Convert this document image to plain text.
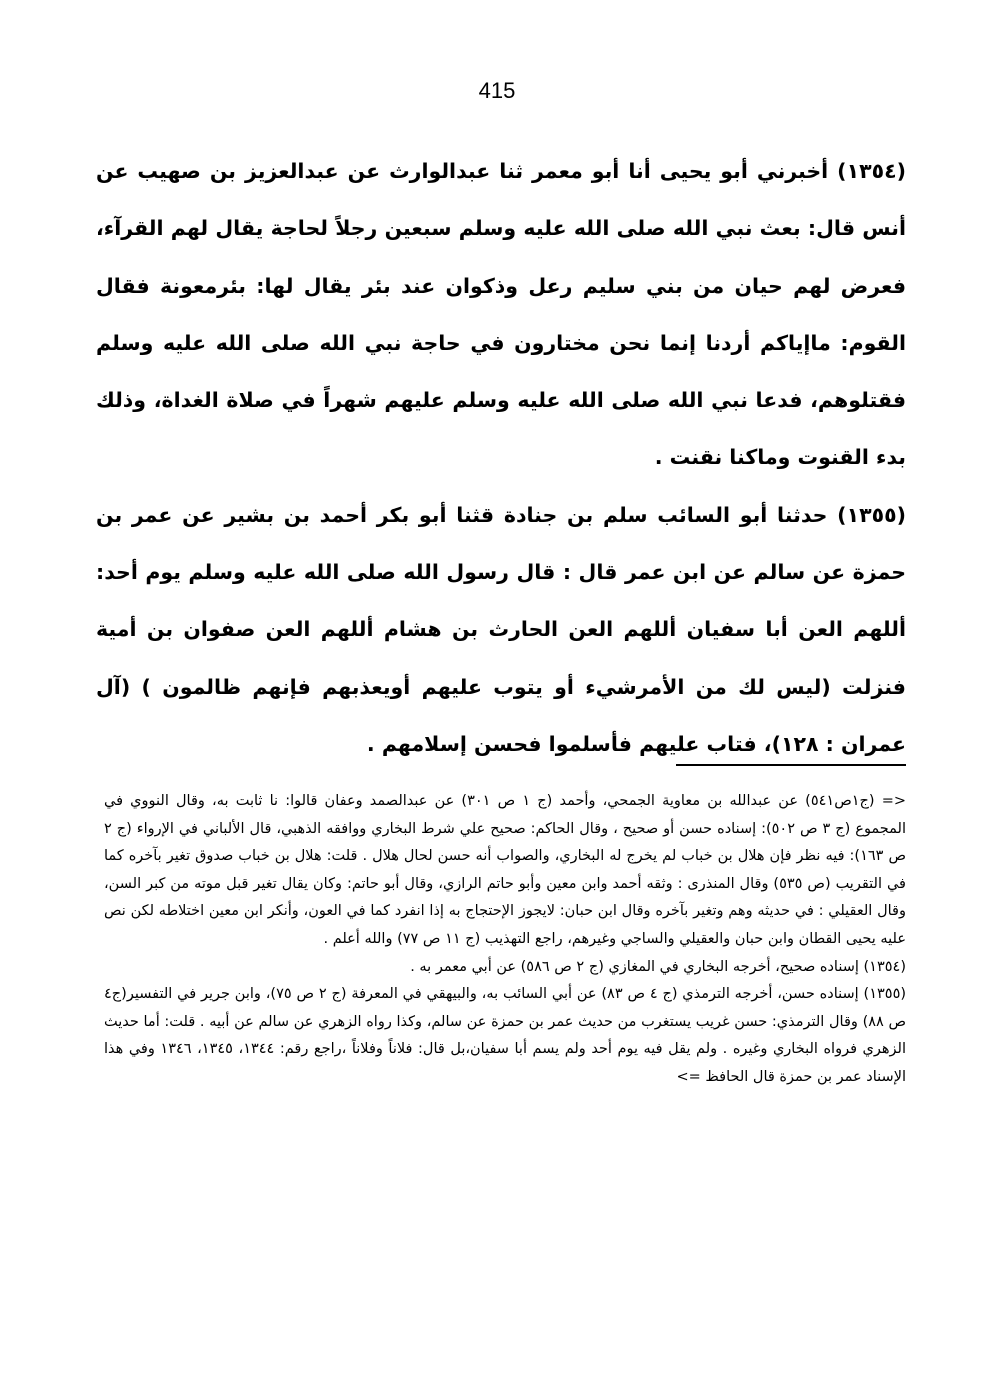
415

(١٣٥٤) أخبرني أبو يحيى أنا أبو معمر ثنا عبدالوارث عن عبدالعزيز بن صهيب عن أنس قال: بعث نبي الله صلى الله عليه وسلم سبعين رجلاً لحاجة يقال لهم القرآء، فعرض لهم حيان من بني سليم رعل وذكوان عند بئر يقال لها: بئرمعونة فقال القوم: ماإياكم أردنا إنما نحن مختارون في حاجة نبي الله صلى الله عليه وسلم فقتلوهم، فدعا نبي الله صلى الله عليه وسلم عليهم شهراً في صلاة الغداة، وذلك بدء القنوت وماكنا نقنت .

(١٣٥٥) حدثنا أبو السائب سلم بن جنادة قثنا أبو بكر أحمد بن بشير عن عمر بن حمزة عن سالم عن ابن عمر قال : قال رسول الله صلى الله عليه وسلم يوم أحد: أللهم العن أبا سفيان أللهم العن الحارث بن هشام أللهم العن صفوان بن أمية فنزلت (ليس لك من الأمرشيء أو يتوب عليهم أويعذبهم فإنهم ظالمون ) (آل عمران : ١٢٨)، فتاب عليهم فأسلموا فحسن إسلامهم .

<= (ج١ص٥٤١) عن عبدالله بن معاوية الجمحي، وأحمد (ج ١ ص ٣٠١) عن عبدالصمد وعفان قالوا: نا ثابت به، وقال النووي في المجموع (ج ٣ ص ٥٠٢): إسناده حسن أو صحيح ، وقال الحاكم: صحيح علي شرط البخاري ووافقه الذهبي، قال الألباني في الإرواء (ج ٢ ص ١٦٣): فيه نظر فإن هلال بن خباب لم يخرج له البخاري، والصواب أنه حسن لحال هلال . قلت: هلال بن خباب صدوق تغير بآخره كما في التقريب (ص ٥٣٥) وقال المنذرى : وثقه أحمد وابن معين وأبو حاتم الرازي، وقال أبو حاتم: وكان يقال تغير قبل موته من كبر السن، وقال العقيلي : في حديثه وهم وتغير بآخره وقال ابن حبان: لايجوز الإحتجاج به إذا انفرد كما في العون، وأنكر ابن معين اختلاطه لكن نص عليه يحيى القطان وابن حبان والعقيلي والساجي وغيرهم، راجع التهذيب (ج ١١ ص ٧٧) والله أعلم .

(١٣٥٤) إسناده صحيح، أخرجه البخاري في المغازي (ج ٢ ص ٥٨٦) عن أبي معمر به .

(١٣٥٥) إسناده حسن، أخرجه الترمذي (ج ٤ ص ٨٣) عن أبي السائب به، والبيهقي في المعرفة (ج ٢ ص ٧٥)، وابن جرير في التفسير(ج٤ ص ٨٨) وقال الترمذي: حسن غريب يستغرب من حديث عمر بن حمزة عن سالم، وكذا رواه الزهري عن سالم عن أبيه . قلت: أما حديث الزهري فرواه البخاري وغيره . ولم يقل فيه يوم أحد ولم يسم أبا سفيان،بل قال: فلاناً وفلاناً ،راجع رقم: ١٣٤٤، ١٣٤٥، ١٣٤٦ وفي هذا الإسناد عمر بن حمزة قال الحافظ =>
